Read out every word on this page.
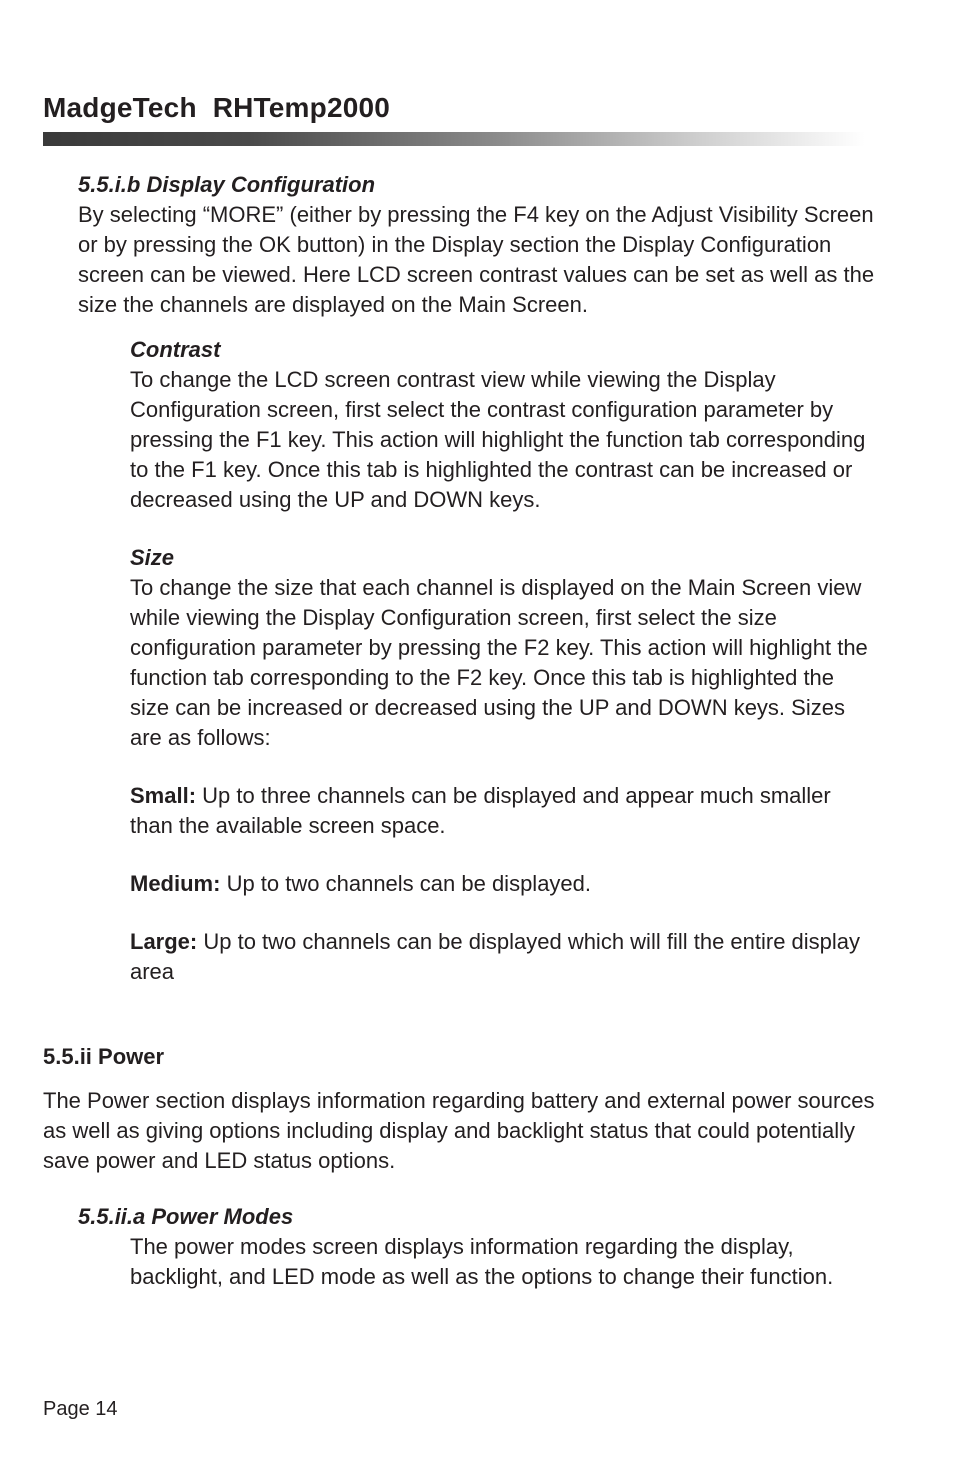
MadgeTech  RHTemp2000
5.5.i.b Display Configuration

By selecting “MORE” (either by pressing the F4 key on the Adjust Visibility Screen or by pressing the OK button) in the Display section the Display Configuration screen can be viewed. Here LCD screen contrast values can be set as well as the size the channels are displayed on the Main Screen.

Contrast

To change the LCD screen contrast view while viewing the Display Configuration screen, first select the contrast configuration parameter by pressing the F1 key. This action will highlight the function tab corresponding to the F1 key. Once this tab is highlighted the contrast can be increased or decreased using the UP and DOWN keys.

Size

To change the size that each channel is displayed on the Main Screen view while viewing the Display Configuration screen, first select the size configuration parameter by pressing the F2 key. This action will highlight the function tab corresponding to the F2 key. Once this tab is highlighted the size can be increased or decreased using the UP and DOWN keys. Sizes are as follows:

Small: Up to three channels can be displayed and appear much smaller than the available screen space.

Medium: Up to two channels can be displayed.

Large: Up to two channels can be displayed which will fill the entire display area

5.5.ii Power

The Power section displays information regarding battery and external power sources as well as giving options including display and backlight status that could potentially save power and LED status options.

5.5.ii.a Power Modes

The power modes screen displays information regarding the display, backlight, and LED mode as well as the options to change their function.

Page 14
